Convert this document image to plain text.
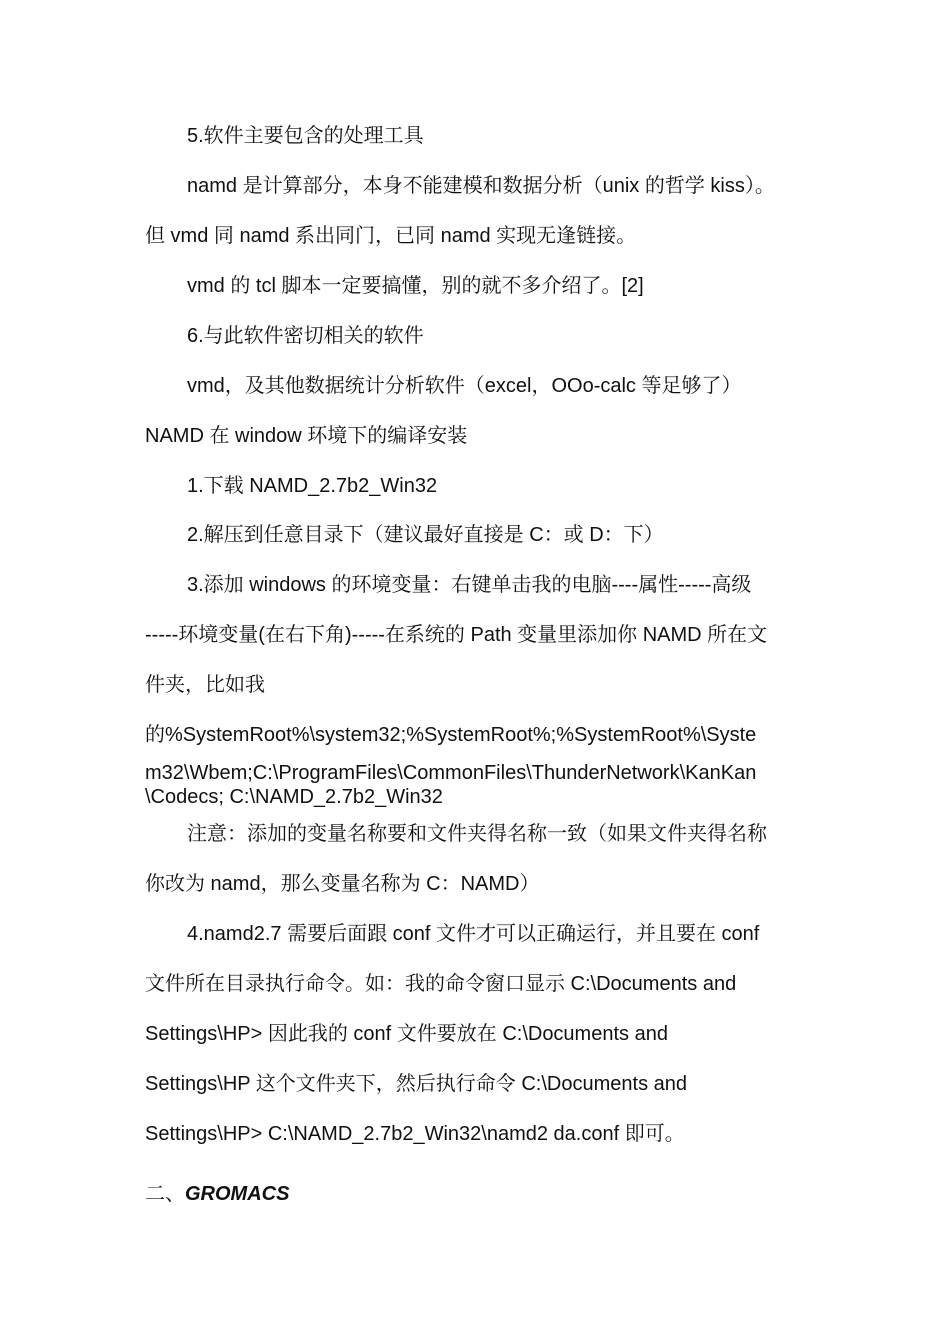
5.软件主要包含的处理工具
namd 是计算部分，本身不能建模和数据分析（unix 的哲学 kiss）。
但 vmd 同 namd 系出同门，已同 namd 实现无逢链接。
vmd 的 tcl 脚本一定要搞懂，别的就不多介绍了。[2]
6.与此软件密切相关的软件
vmd，及其他数据统计分析软件（excel，OOo-calc 等足够了）
NAMD 在 window 环境下的编译安装
1.下载 NAMD_2.7b2_Win32
2.解压到任意目录下（建议最好直接是 C：或 D：下）
3.添加 windows 的环境变量：右键单击我的电脑----属性-----高级
-----环境变量(在右下角)-----在系统的 Path 变量里添加你 NAMD 所在文
件夹，比如我
的%SystemRoot%\system32;%SystemRoot%;%SystemRoot%\Syste
m32\Wbem;C:\ProgramFiles\CommonFiles\ThunderNetwork\KanKan
\Codecs; C:\NAMD_2.7b2_Win32
注意：添加的变量名称要和文件夹得名称一致（如果文件夹得名称
你改为 namd，那么变量名称为 C：NAMD）
4.namd2.7 需要后面跟 conf 文件才可以正确运行，并且要在 conf
文件所在目录执行命令。如：我的命令窗口显示 C:\Documents and
Settings\HP> 因此我的 conf 文件要放在 C:\Documents and
Settings\HP 这个文件夹下，然后执行命令 C:\Documents and
Settings\HP> C:\NAMD_2.7b2_Win32\namd2 da.conf 即可。
二、GROMACS
